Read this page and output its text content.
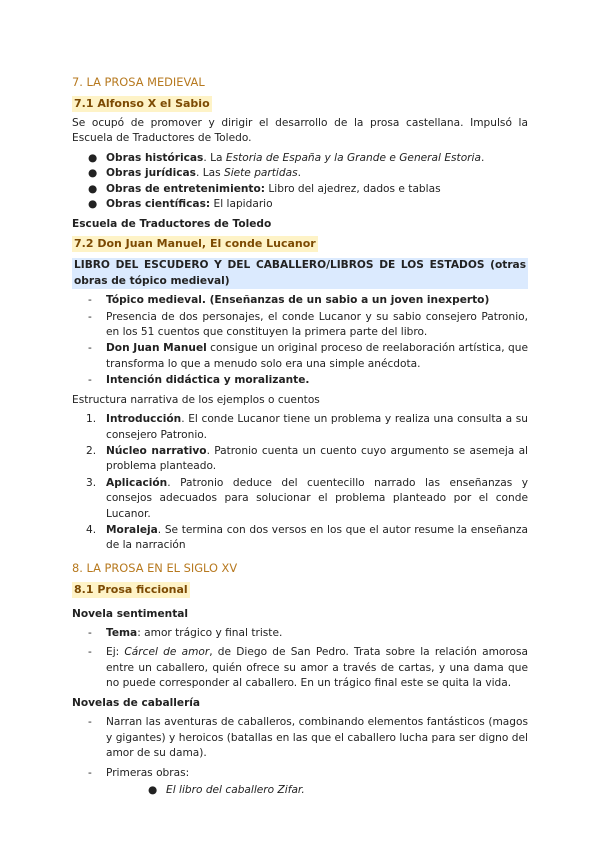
7. LA PROSA MEDIEVAL
7.1 Alfonso X el Sabio

Se ocupó de promover y dirigir el desarrollo de la prosa castellana. Impulsó la Escuela de Traductores de Toledo.

● Obras históricas. La Estoria de España y la Grande e General Estoria.
● Obras jurídicas. Las Siete partidas.
● Obras de entretenimiento: Libro del ajedrez, dados e tablas
● Obras científicas: El lapidario
Escuela de Traductores de Toledo
7.2 Don Juan Manuel, El conde Lucanor
LIBRO DEL ESCUDERO Y DEL CABALLERO/LIBROS DE LOS ESTADOS (otras obras de tópico medieval)
- Tópico medieval. (Enseñanzas de un sabio a un joven inexperto)
- Presencia de dos personajes, el conde Lucanor y su sabio consejero Patronio, en los 51 cuentos que constituyen la primera parte del libro.
- Don Juan Manuel consigue un original proceso de reelaboración artística, que transforma lo que a menudo solo era una simple anécdota.
- Intención didáctica y moralizante.

Estructura narrativa de los ejemplos o cuentos

1. Introducción. El conde Lucanor tiene un problema y realiza una consulta a su consejero Patronio.
2. Núcleo narrativo. Patronio cuenta un cuento cuyo argumento se asemeja al problema planteado.
3. Aplicación. Patronio deduce del cuentecillo narrado las enseñanzas y consejos adecuados para solucionar el problema planteado por el conde Lucanor.
4. Moraleja. Se termina con dos versos en los que el autor resume la enseñanza de la narración
8. LA PROSA EN EL SIGLO XV
8.1 Prosa ficcional
Novela sentimental
- Tema: amor trágico y final triste.
- Ej: Cárcel de amor, de Diego de San Pedro. Trata sobre la relación amorosa entre un caballero, quién ofrece su amor a través de cartas, y una dama que no puede corresponder al caballero. En un trágico final este se quita la vida.
Novelas de caballería
- Narran las aventuras de caballeros, combinando elementos fantásticos (magos y gigantes) y heroicos (batallas en las que el caballero lucha para ser digno del amor de su dama).
- Primeras obras:
● El libro del caballero Zifar.
